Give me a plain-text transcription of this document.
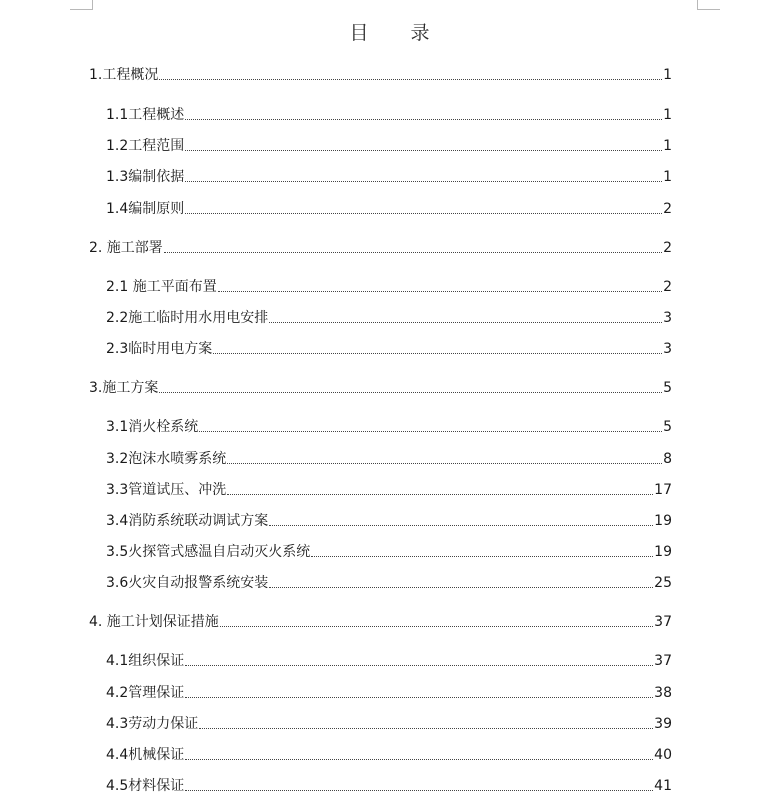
目 录
1.工程概况	1
1.1工程概述	1
1.2工程范围	1
1.3编制依据	1
1.4编制原则	2
2. 施工部署	2
2.1 施工平面布置	2
2.2施工临时用水用电安排	3
2.3临时用电方案	3
3.施工方案	5
3.1消火栓系统	5
3.2泡沫水喷雾系统	8
3.3管道试压、冲洗	17
3.4消防系统联动调试方案	19
3.5火探管式感温自启动灭火系统	19
3.6火灾自动报警系统安装	25
4. 施工计划保证措施	37
4.1组织保证	37
4.2管理保证	38
4.3劳动力保证	39
4.4机械保证	40
4.5材料保证	41
